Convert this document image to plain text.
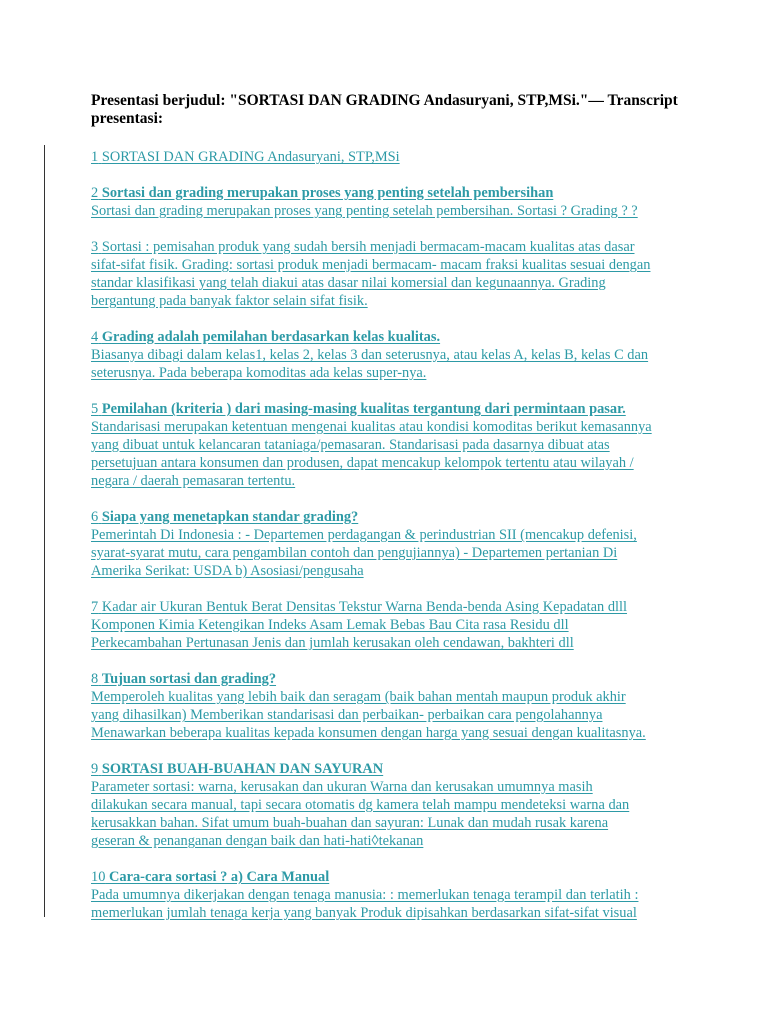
Presentasi berjudul: "SORTASI DAN GRADING Andasuryani, STP,MSi."— Transcript
presentasi:
1 SORTASI DAN GRADING Andasuryani, STP,MSi
2 Sortasi dan grading merupakan proses yang penting setelah pembersihan
Sortasi dan grading merupakan proses yang penting setelah pembersihan. Sortasi ? Grading ? ?
3 Sortasi : pemisahan produk yang sudah bersih menjadi bermacam-macam kualitas atas dasar
sifat-sifat fisik. Grading: sortasi produk menjadi bermacam- macam fraksi kualitas sesuai dengan
standar klasifikasi yang telah diakui atas dasar nilai komersial dan kegunaannya. Grading
bergantung pada banyak faktor selain sifat fisik.
4 Grading adalah pemilahan berdasarkan kelas kualitas.
Biasanya dibagi dalam kelas1, kelas 2, kelas 3 dan seterusnya, atau kelas A, kelas B, kelas C dan
seterusnya. Pada beberapa komoditas ada kelas super-nya.
5 Pemilahan (kriteria ) dari masing-masing kualitas tergantung dari permintaan pasar.
Standarisasi merupakan ketentuan mengenai kualitas atau kondisi komoditas berikut kemasannya
yang dibuat untuk kelancaran tataniaga/pemasaran. Standarisasi pada dasarnya dibuat atas
persetujuan antara konsumen dan produsen, dapat mencakup kelompok tertentu atau wilayah /
negara / daerah pemasaran tertentu.
6 Siapa yang menetapkan standar grading?
Pemerintah Di Indonesia : - Departemen perdagangan & perindustrian SII (mencakup defenisi,
syarat-syarat mutu, cara pengambilan contoh dan pengujiannya) - Departemen pertanian Di
Amerika Serikat: USDA b) Asosiasi/pengusaha
7 Kadar air Ukuran Bentuk Berat Densitas Tekstur Warna Benda-benda Asing Kepadatan dlll
Komponen Kimia Ketengikan Indeks Asam Lemak Bebas Bau Cita rasa Residu dll
Perkecambahan Pertunasan Jenis dan jumlah kerusakan oleh cendawan, bakhteri dll
8 Tujuan sortasi dan grading?
Memperoleh kualitas yang lebih baik dan seragam (baik bahan mentah maupun produk akhir
yang dihasilkan) Memberikan standarisasi dan perbaikan- perbaikan cara pengolahannya
Menawarkan beberapa kualitas kepada konsumen dengan harga yang sesuai dengan kualitasnya.
9 SORTASI BUAH-BUAHAN DAN SAYURAN
Parameter sortasi: warna, kerusakan dan ukuran Warna dan kerusakan umumnya masih
dilakukan secara manual, tapi secara otomatis dg kamera telah mampu mendeteksi warna dan
kerusakkan bahan. Sifat umum buah-buahan dan sayuran: Lunak dan mudah rusak karena
geseran & penanganan dengan baik dan hati-hati◊tekanan
10 Cara-cara sortasi ? a) Cara Manual
Pada umumnya dikerjakan dengan tenaga manusia: : memerlukan tenaga terampil dan terlatih :
memerlukan jumlah tenaga kerja yang banyak Produk dipisahkan berdasarkan sifat-sifat visual
